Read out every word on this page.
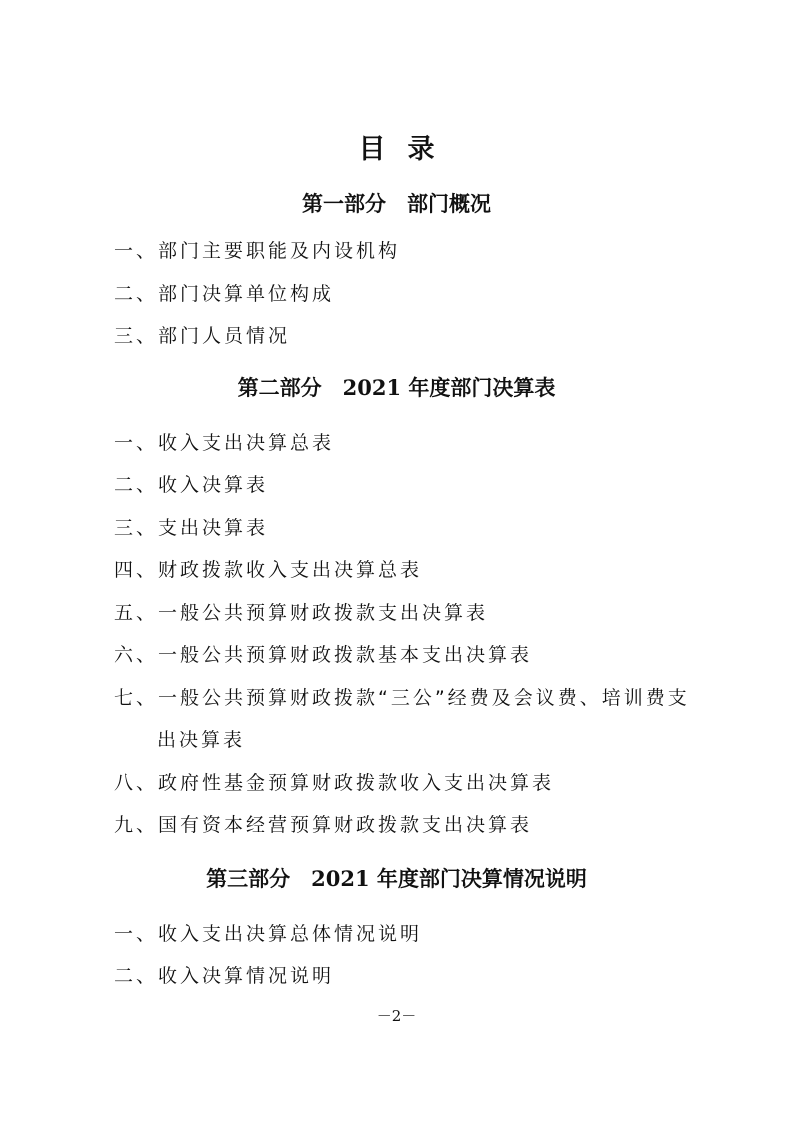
目 录
第一部分　部门概况
一、部门主要职能及内设机构
二、部门决算单位构成
三、部门人员情况
第二部分　2021 年度部门决算表
一、收入支出决算总表
二、收入决算表
三、支出决算表
四、财政拨款收入支出决算总表
五、一般公共预算财政拨款支出决算表
六、一般公共预算财政拨款基本支出决算表
七、一般公共预算财政拨款“三公”经费及会议费、培训费支
出决算表
八、政府性基金预算财政拨款收入支出决算表
九、国有资本经营预算财政拨款支出决算表
第三部分　2021 年度部门决算情况说明
一、收入支出决算总体情况说明
二、收入决算情况说明
－2－
